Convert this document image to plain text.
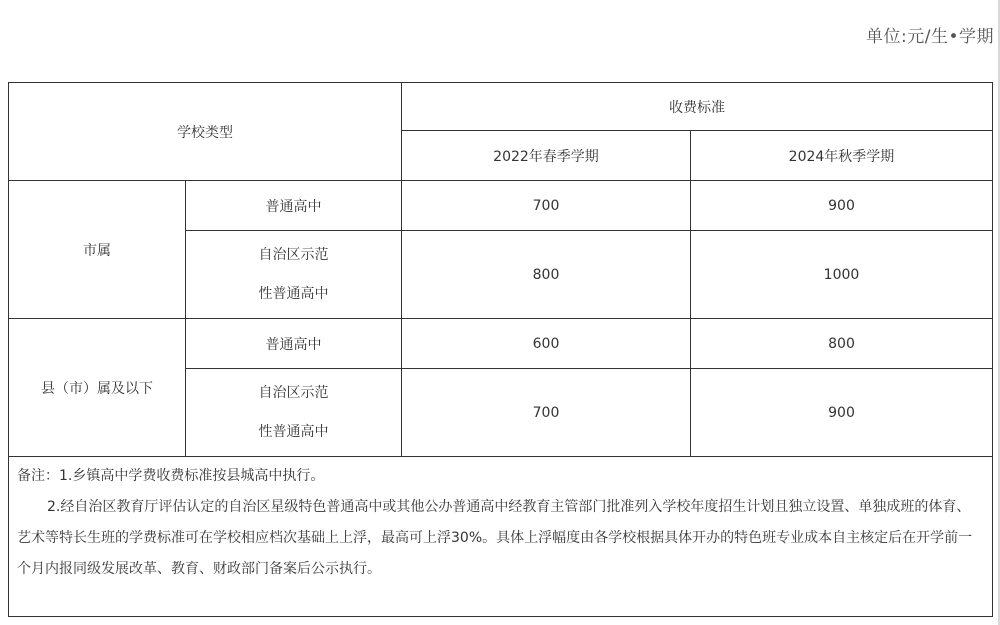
单位:元/生•学期
学校类型		收费标准	
		2022年春季学期	2024年秋季学期
市属	普通高中	700	900

	自治区示范
性普通高中	800	1000
县（市）属及以下	普通高中	600	800

	自治区示范
性普通高中	700	900

备注：1.乡镇高中学费收费标准按县城高中执行。

2.经自治区教育厅评估认定的自治区星级特色普通高中或其他公办普通高中经教育主管部门批准列入学校年度招生计划且独立设置、单独成班的体育、艺术等特长生班的学费标准可在学校相应档次基础上上浮，最高可上浮30%。具体上浮幅度由各学校根据具体开办的特色班专业成本自主核定后在开学前一个月内报同级发展改革、教育、财政部门备案后公示执行。			
